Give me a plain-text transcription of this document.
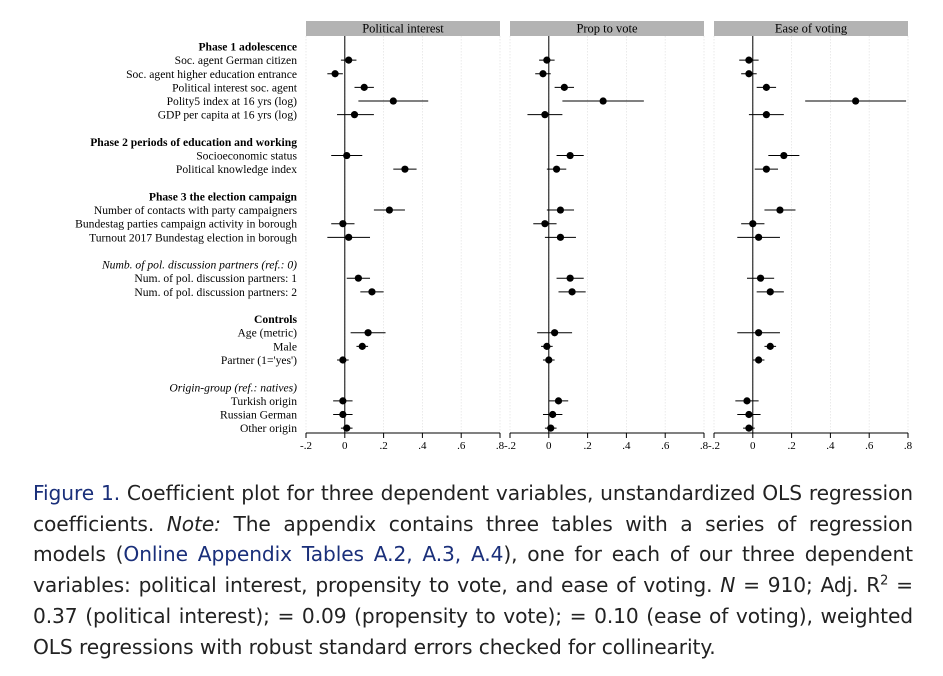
Political interest
-.2	0	.2	.4	.6	.8
Prop to vote
-.2	0	.2	.4	.6	.8
Ease of voting
-.2	0	.2	.4	.6	.8
Phase 1 adolescence
Soc. agent German citizen
Soc. agent higher education entrance
Political interest soc. agent
Polity5 index at 16 yrs (log)
GDP per capita at 16 yrs (log)
Phase 2 periods of education and working
Socioeconomic status
Political knowledge index
Phase 3 the election campaign
Number of contacts with party campaigners
Bundestag parties campaign activity in borough
Turnout 2017 Bundestag election in borough
Numb. of pol. discussion partners (ref.: 0)
Num. of pol. discussion partners: 1
Num. of pol. discussion partners: 2
Controls
Age (metric)
Male
Partner (1='yes')
Origin-group (ref.: natives)
Turkish origin
Russian German
Other origin
Figure 1. Coefficient plot for three dependent variables, unstandardized OLS regression coefficients. Note: The appendix contains three tables with a series of regression models (Online Appendix Tables A.2, A.3, A.4), one for each of our three dependent variables: political interest, propensity to vote, and ease of voting. N = 910; Adj. $R^2 = 0.37$ (political interest); = 0.09 (propensity to vote); = 0.10 (ease of voting), weighted OLS regressions with robust standard errors checked for collinearity.
